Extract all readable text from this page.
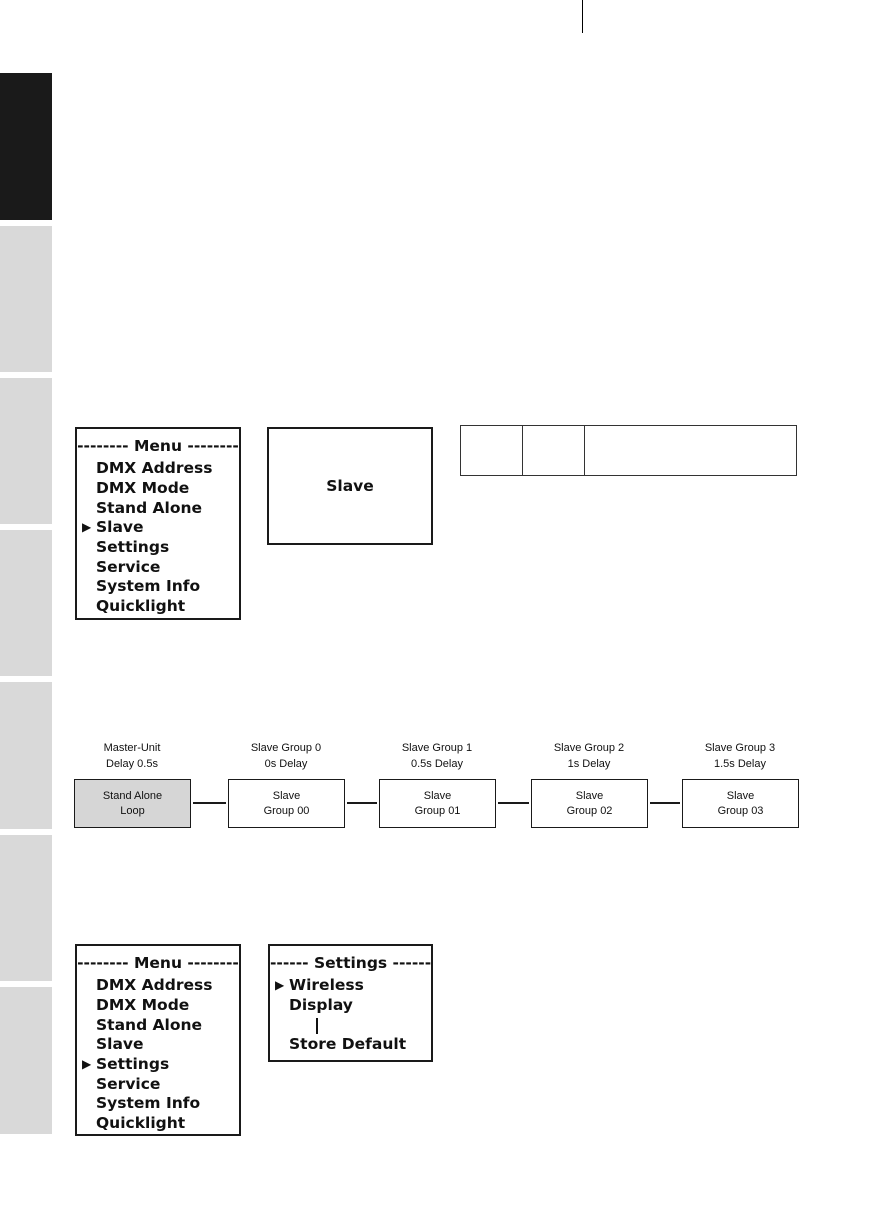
-------- Menu --------
DMX Address
DMX Mode
Stand Alone
▶ Slave
Settings
Service
System Info
Quicklight
Slave
Master-Unit
Delay 0.5s
Slave Group 0
0s Delay
Slave Group 1
0.5s Delay
Slave Group 2
1s Delay
Slave Group 3
1.5s Delay
Stand Alone
Loop
Slave
Group 00
Slave
Group 01
Slave
Group 02
Slave
Group 03
-------- Menu --------
DMX Address
DMX Mode
Stand Alone
Slave
▶ Settings
Service
System Info
Quicklight
------ Settings ------
▶ Wireless
Display
Store Default
